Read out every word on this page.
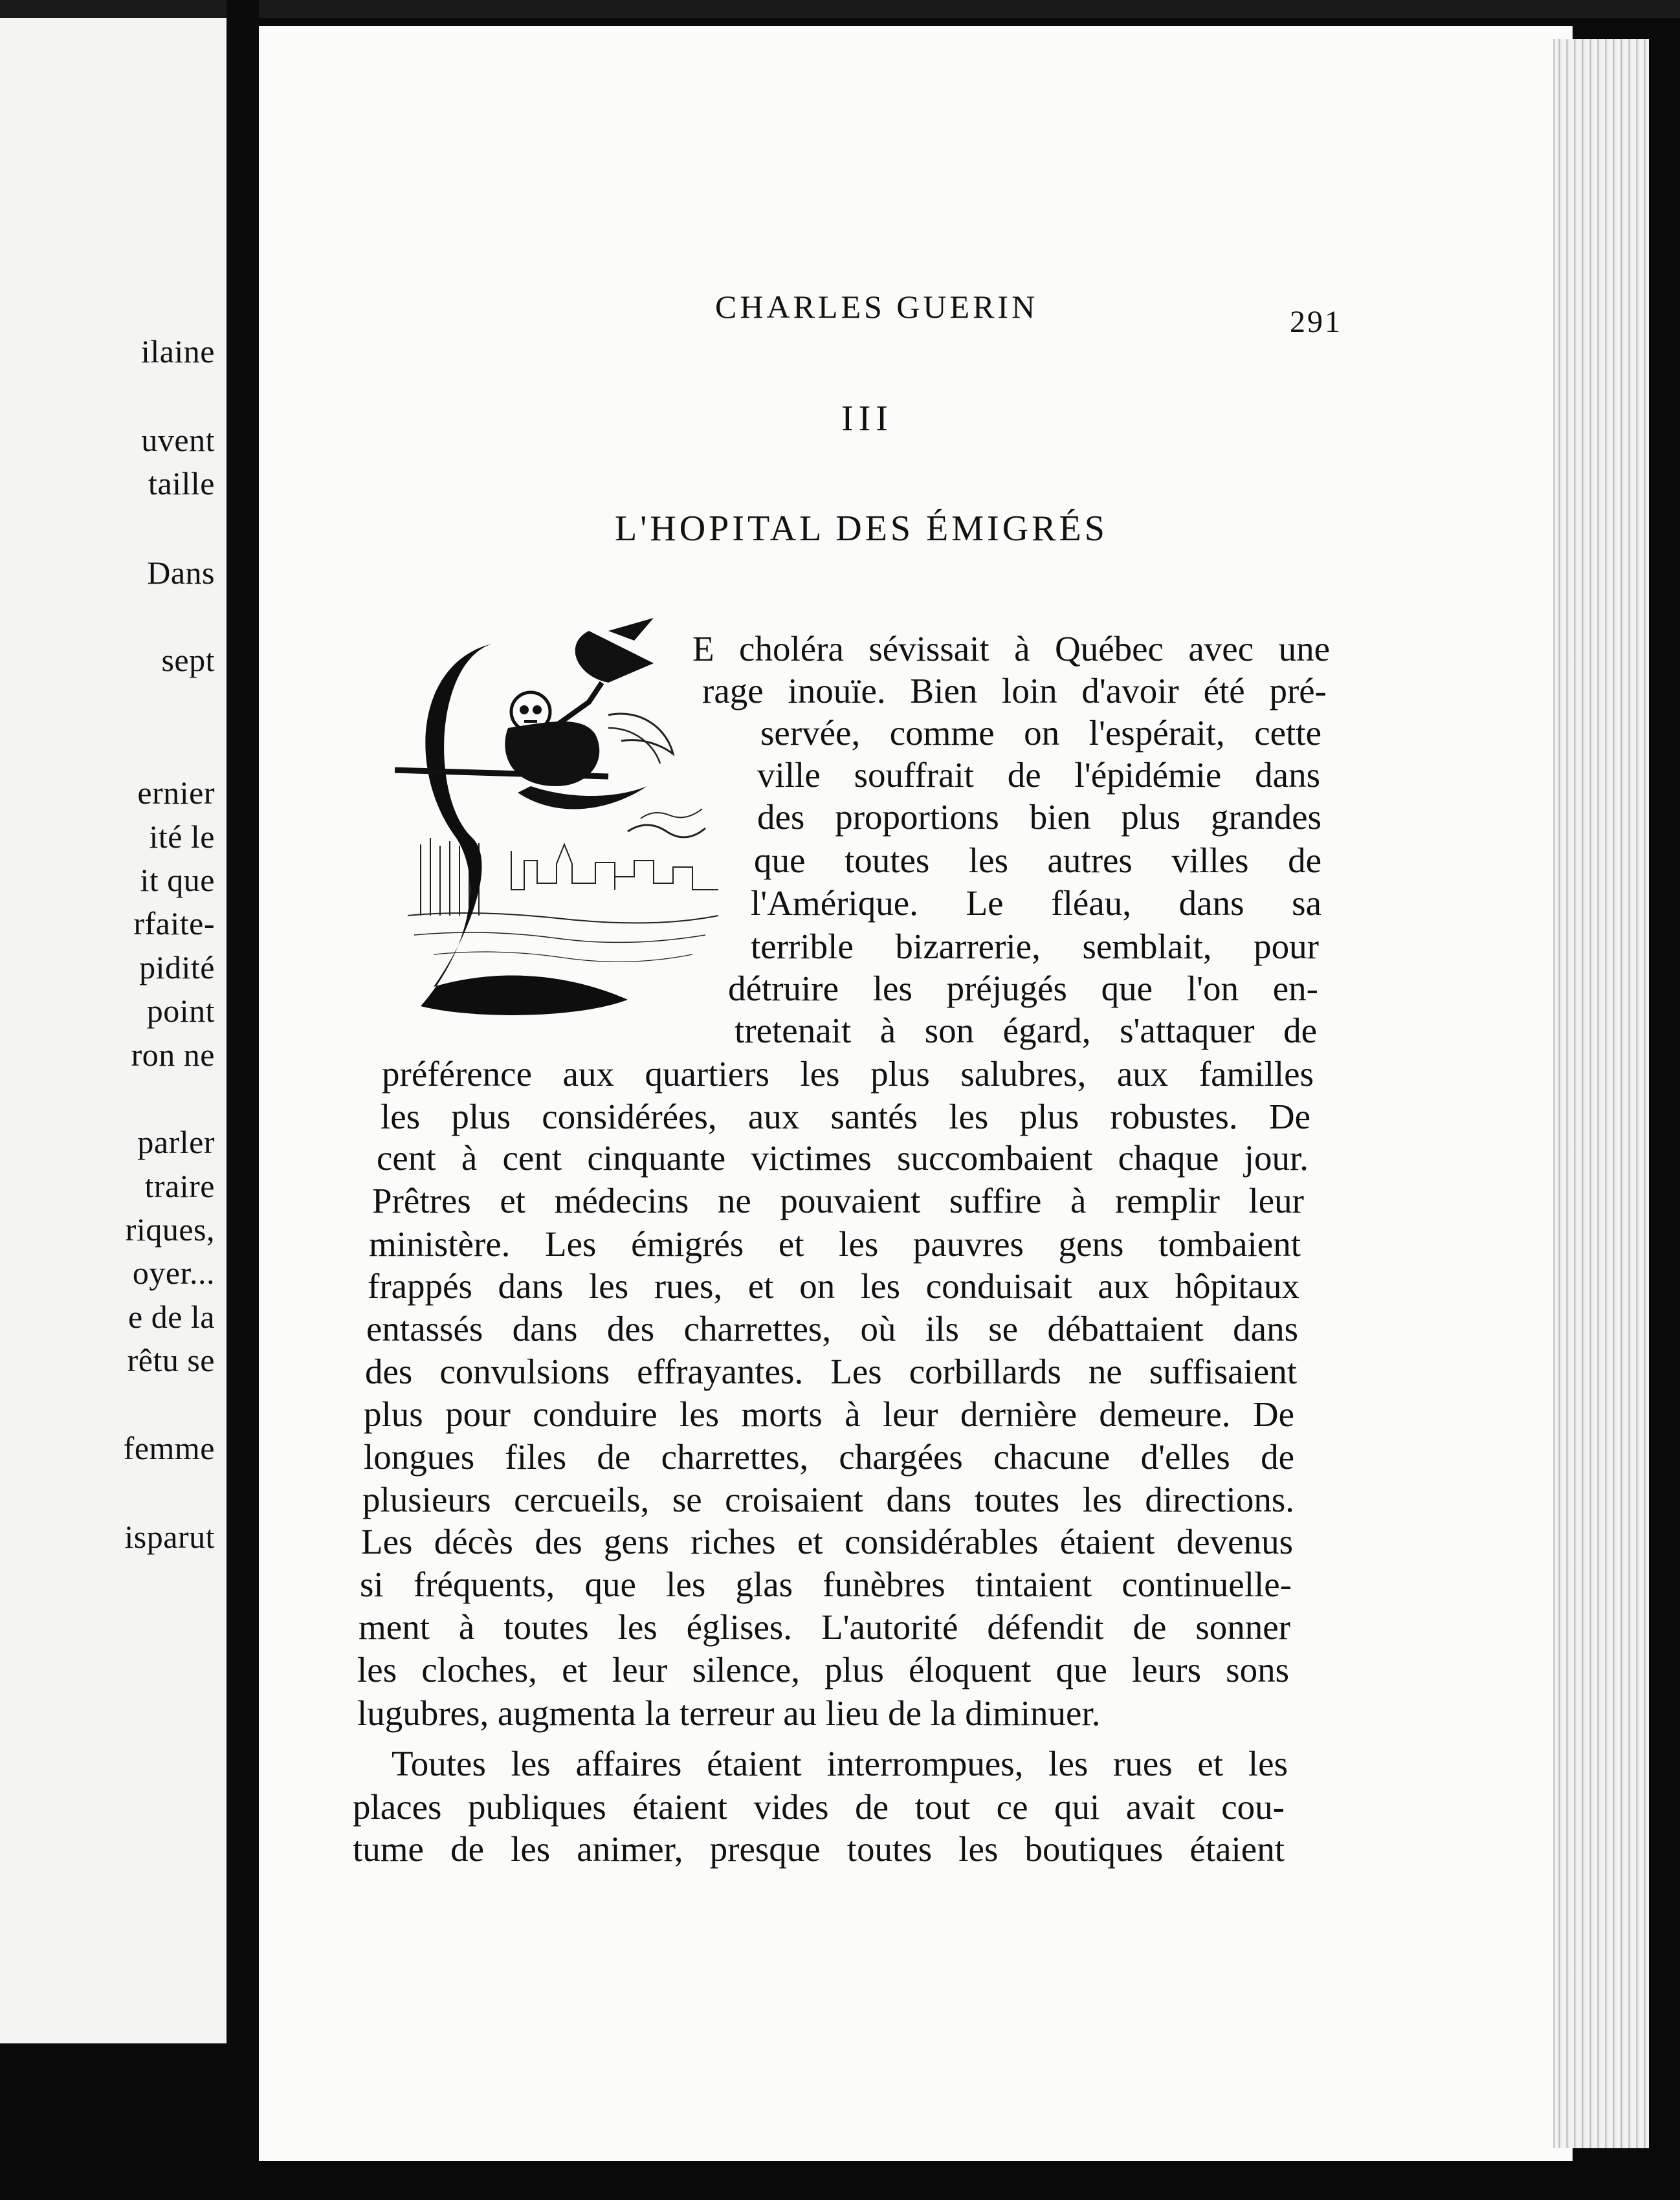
ilaine
uvent
taille
Dans
sept
ernier
ité le
it que
rfaite-
pidité
point
ron ne
parler
traire
riques,
oyer...
e de la
rêtu se
femme
isparut
CHARLES GUERIN	291
III
L'HOPITAL DES ÉMIGRÉS
E choléra sévissait à Québec avec une
rage inouïe. Bien loin d'avoir été pré-
servée, comme on l'espérait, cette
ville souffrait de l'épidémie dans
des proportions bien plus grandes
que toutes les autres villes de
l'Amérique. Le fléau, dans sa
terrible bizarrerie, semblait, pour
détruire les préjugés que l'on en-
tretenait à son égard, s'attaquer de
préférence aux quartiers les plus salubres, aux familles
les plus considérées, aux santés les plus robustes. De
cent à cent cinquante victimes succombaient chaque jour.
Prêtres et médecins ne pouvaient suffire à remplir leur
ministère. Les émigrés et les pauvres gens tombaient
frappés dans les rues, et on les conduisait aux hôpitaux
entassés dans des charrettes, où ils se débattaient dans
des convulsions effrayantes. Les corbillards ne suffisaient
plus pour conduire les morts à leur dernière demeure. De
longues files de charrettes, chargées chacune d'elles de
plusieurs cercueils, se croisaient dans toutes les directions.
Les décès des gens riches et considérables étaient devenus
si fréquents, que les glas funèbres tintaient continuelle-
ment à toutes les églises. L'autorité défendit de sonner
les cloches, et leur silence, plus éloquent que leurs sons
lugubres, augmenta la terreur au lieu de la diminuer.
Toutes les affaires étaient interrompues, les rues et les
places publiques étaient vides de tout ce qui avait cou-
tume de les animer, presque toutes les boutiques étaient
